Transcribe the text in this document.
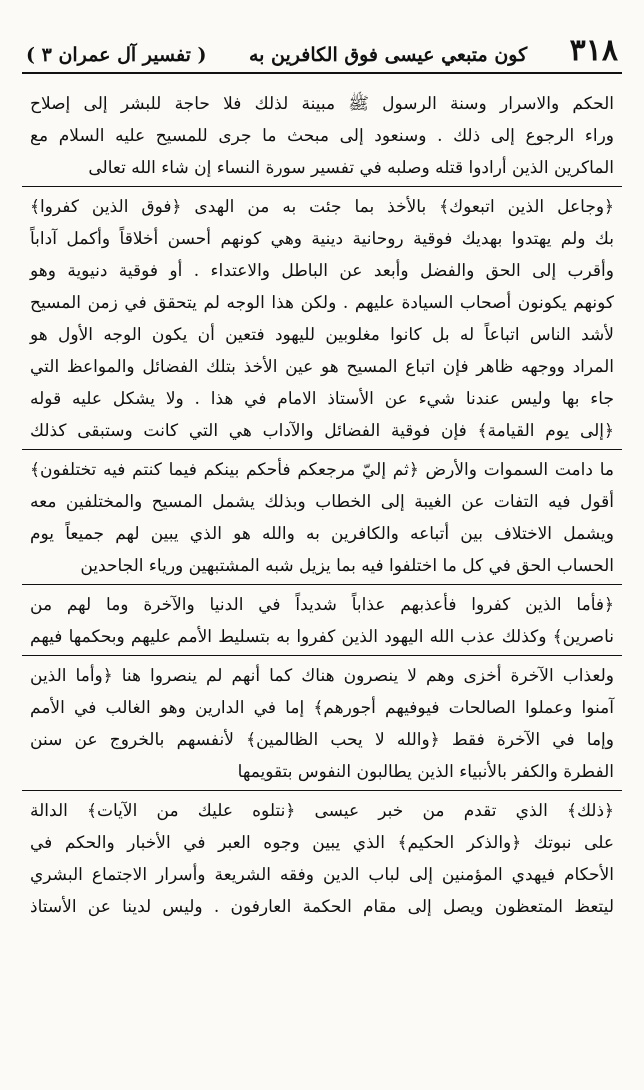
٣١٨
كون متبعي عيسى فوق الكافرين به
( تفسير آل عمران ٣ )
الحكم والاسرار وسنة الرسول ﷺ مبينة لذلك فلا حاجة للبشر إلى إصلاح
وراء الرجوع إلى ذلك . وسنعود إلى مبحث ما جرى للمسيح عليه السلام مع
الماكرين الذين أرادوا قتله وصلبه في تفسير سورة النساء إن شاء الله تعالى
﴿وجاعل الذين اتبعوك﴾ بالأخذ بما جئت به من الهدى ﴿فوق الذين كفروا﴾
بك ولم يهتدوا بهديك فوقية روحانية دينية وهي كونهم أحسن أخلاقاً وأكمل آداباً
وأقرب إلى الحق والفضل وأبعد عن الباطل والاعتداء . أو فوقية دنيوية وهو
كونهم يكونون أصحاب السيادة عليهم . ولكن هذا الوجه لم يتحقق في زمن المسيح
لأشد الناس اتباعاً له بل كانوا مغلوبين لليهود فتعين أن يكون الوجه الأول هو
المراد ووجهه ظاهر فإن اتباع المسيح هو عين الأخذ بتلك الفضائل والمواعظ التي
جاء بها وليس عندنا شيء عن الأستاذ الامام في هذا . ولا يشكل عليه قوله
﴿إلى يوم القيامة﴾ فإن فوقية الفضائل والآداب هي التي كانت وستبقى كذلك
ما دامت السموات والأرض ﴿ثم إليّ مرجعكم فأحكم بينكم فيما كنتم فيه تختلفون﴾
أقول فيه التفات عن الغيبة إلى الخطاب وبذلك يشمل المسيح والمختلفين معه
ويشمل الاختلاف بين أتباعه والكافرين به والله هو الذي يبين لهم جميعاً يوم
الحساب الحق في كل ما اختلفوا فيه بما يزيل شبه المشتبهين ورياء الجاحدين
﴿فأما الذين كفروا فأعذبهم عذاباً شديداً في الدنيا والآخرة وما لهم من
ناصرين﴾ وكذلك عذب الله اليهود الذين كفروا به بتسليط الأمم عليهم وبحكمها فيهم
ولعذاب الآخرة أخزى وهم لا ينصرون هناك كما أنهم لم ينصروا هنا ﴿وأما الذين
آمنوا وعملوا الصالحات فيوفيهم أجورهم﴾ إما في الدارين وهو الغالب في الأمم
وإما في الآخرة فقط ﴿والله لا يحب الظالمين﴾ لأنفسهم بالخروج عن سنن
الفطرة والكفر بالأنبياء الذين يطالبون النفوس بتقويمها
﴿ذلك﴾ الذي تقدم من خبر عيسى ﴿نتلوه عليك من الآيات﴾ الدالة
على نبوتك ﴿والذكر الحكيم﴾ الذي يبين وجوه العبر في الأخبار والحكم في
الأحكام فيهدي المؤمنين إلى لباب الدين وفقه الشريعة وأسرار الاجتماع البشري
ليتعظ المتعظون ويصل إلى مقام الحكمة العارفون . وليس لدينا عن الأستاذ
